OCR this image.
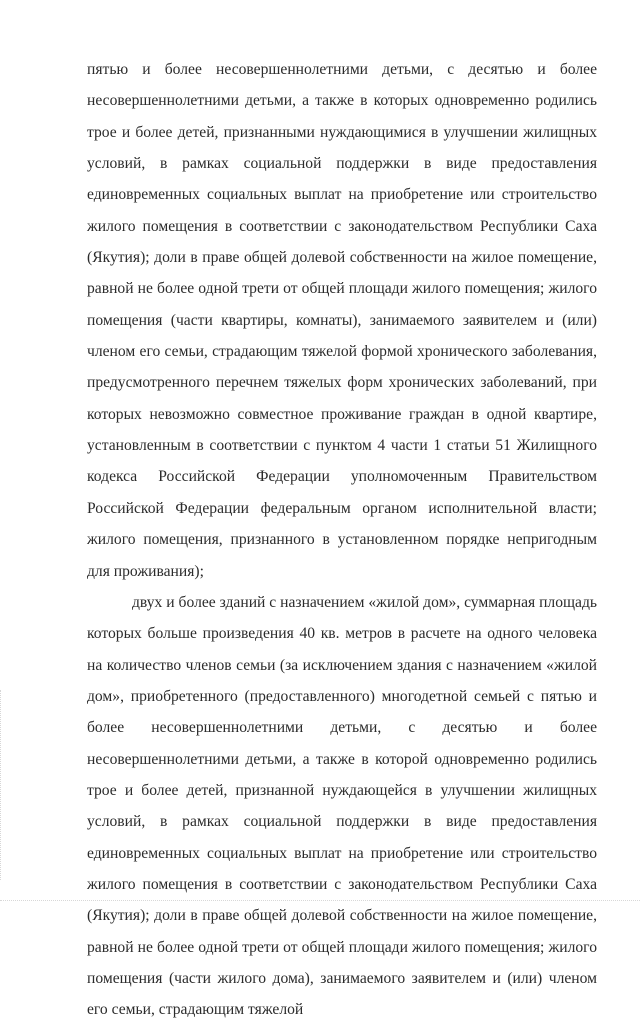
пятью и более несовершеннолетними детьми, с десятью и более несовершеннолетними детьми, а также в которых одновременно родились трое и более детей, признанными нуждающимися в улучшении жилищных условий, в рамках социальной поддержки в виде предоставления единовременных социальных выплат на приобретение или строительство жилого помещения в соответствии с законодательством Республики Саха (Якутия); доли в праве общей долевой собственности на жилое помещение, равной не более одной трети от общей площади жилого помещения; жилого помещения (части квартиры, комнаты), занимаемого заявителем и (или) членом его семьи, страдающим тяжелой формой хронического заболевания, предусмотренного перечнем тяжелых форм хронических заболеваний, при которых невозможно совместное проживание граждан в одной квартире, установленным в соответствии с пунктом 4 части 1 статьи 51 Жилищного кодекса Российской Федерации уполномоченным Правительством Российской Федерации федеральным органом исполнительной власти; жилого помещения, признанного в установленном порядке непригодным для проживания);

двух и более зданий с назначением «жилой дом», суммарная площадь которых больше произведения 40 кв. метров в расчете на одного человека на количество членов семьи (за исключением здания с назначением «жилой дом», приобретенного (предоставленного) многодетной семьей с пятью и более несовершеннолетними детьми, с десятью и более несовершеннолетними детьми, а также в которой одновременно родились трое и более детей, признанной нуждающейся в улучшении жилищных условий, в рамках социальной поддержки в виде предоставления единовременных социальных выплат на приобретение или строительство жилого помещения в соответствии с законодательством Республики Саха (Якутия); доли в праве общей долевой собственности на жилое помещение, равной не более одной трети от общей площади жилого помещения; жилого помещения (части жилого дома), занимаемого заявителем и (или) членом его семьи, страдающим тяжелой
